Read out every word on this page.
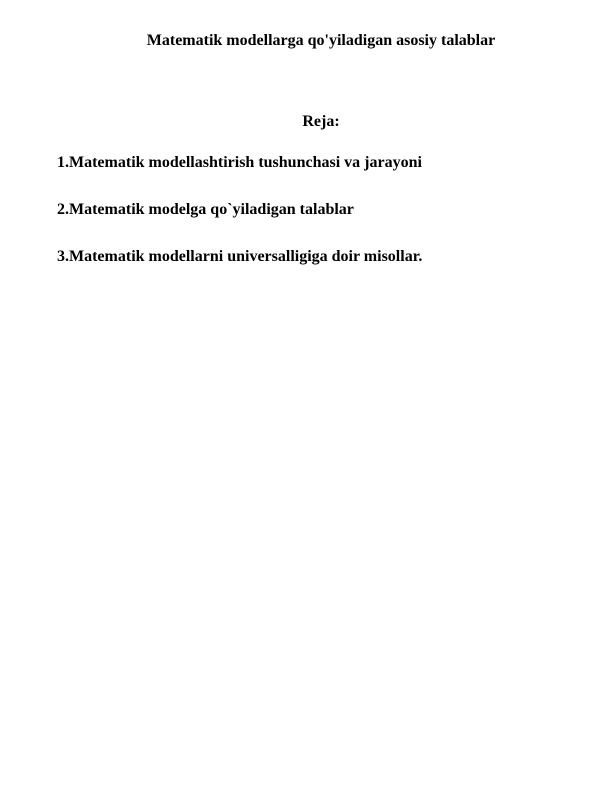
Matematik modellarga qo'yiladigan asosiy talablar
Reja:
1.Matematik modellashtirish tushunchasi va jarayoni
2.Matematik modelga qo`yiladigan talablar
3.Matematik modellarni universalligiga doir misollar.
